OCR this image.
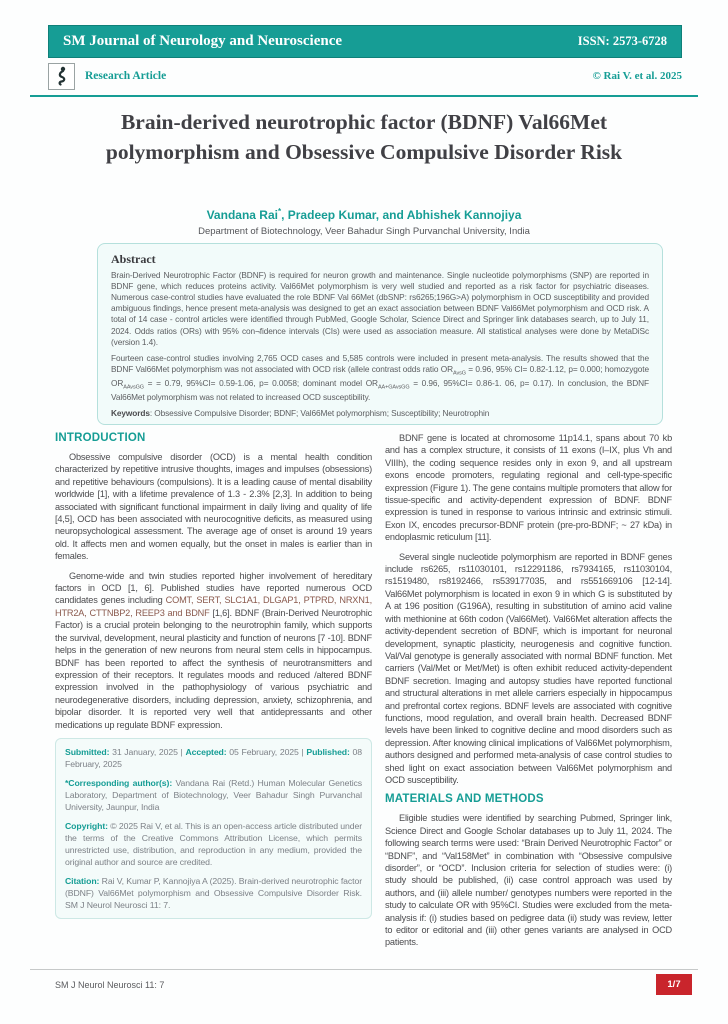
SM Journal of Neurology and Neuroscience	ISSN: 2573-6728
Research Article	© Rai V. et al. 2025
Brain-derived neurotrophic factor (BDNF) Val66Met polymorphism and Obsessive Compulsive Disorder Risk
Vandana Rai*, Pradeep Kumar, and Abhishek Kannojiya
Department of Biotechnology, Veer Bahadur Singh Purvanchal University, India
Abstract

Brain-Derived Neurotrophic Factor (BDNF) is required for neuron growth and maintenance. Single nucleotide polymorphisms (SNP) are reported in BDNF gene, which reduces proteins activity. Val66Met polymorphism is very well studied and reported as a risk factor for psychiatric diseases. Numerous case-control studies have evaluated the role BDNF Val 66Met (dbSNP: rs6265;196G>A) polymorphism in OCD susceptibility and provided ambiguous findings, hence present meta-analysis was designed to get an exact association between BDNF Val66Met polymorphism and OCD risk. A total of 14 case - control articles were identified through PubMed, Google Scholar, Science Direct and Springer link databases search, up to July 11, 2024. Odds ratios (ORs) with 95% con¬fidence intervals (CIs) were used as association measure. All statistical analyses were done by MetaDiSc (version 1.4).

Fourteen case-control studies involving 2,765 OCD cases and 5,585 controls were included in present meta-analysis. The results showed that the BDNF Val66Met polymorphism was not associated with OCD risk (allele contrast odds ratio $OR_{AvsG} = 0.96$, 95% CI= 0.82-1.12, p= 0.000; homozygote $OR_{AAvsGG}$ = = 0.79, 95%CI= 0.59-1.06, p= 0.0058; dominant model $OR_{AA+GAvsGG} = 0.96$, 95%CI= 0.86-1. 06, p= 0.17). In conclusion, the BDNF Val66Met polymorphism was not related to increased OCD susceptibility.

Keywords: Obsessive Compulsive Disorder; BDNF; Val66Met polymorphism; Susceptibility; Neurotrophin

INTRODUCTION

Obsessive compulsive disorder (OCD) is a mental health condition characterized by repetitive intrusive thoughts, images and impulses (obsessions) and repetitive behaviours (compulsions). It is a leading cause of mental disability worldwide [1], with a lifetime prevalence of 1.3 - 2.3% [2,3]. In addition to being associated with significant functional impairment in daily living and quality of life [4,5], OCD has been associated with neurocognitive deficits, as measured using neuropsychological assessment. The average age of onset is around 19 years old. It affects men and women equally, but the onset in males is earlier than in females.

Genome-wide and twin studies reported higher involvement of hereditary factors in OCD [1, 6]. Published studies have reported numerous OCD candidates genes including COMT, SERT, SLC1A1, DLGAP1, PTPRD, NRXN1, HTR2A, CTTNBP2, REEP3 and BDNF [1,6]. BDNF (Brain-Derived Neurotrophic Factor) is a crucial protein belonging to the neurotrophin family, which supports the survival, development, neural plasticity and function of neurons [7 -10]. BDNF helps in the generation of new neurons from neural stem cells in hippocampus. BDNF has been reported to affect the synthesis of neurotransmitters and expression of their receptors. It regulates moods and reduced /altered BDNF expression involved in the pathophysiology of various psychiatric and neurodegenerative disorders, including depression, anxiety, schizophrenia, and bipolar disorder. It is reported very well that antidepressants and other medications up regulate BDNF expression.

Submitted: 31 January, 2025 | Accepted: 05 February, 2025 | Published: 08 February, 2025

*Corresponding author(s): Vandana Rai (Retd.) Human Molecular Genetics Laboratory, Department of Biotechnology, Veer Bahadur Singh Purvanchal University, Jaunpur, India

Copyright: © 2025 Rai V, et al. This is an open-access article distributed under the terms of the Creative Commons Attribution License, which permits unrestricted use, distribution, and reproduction in any medium, provided the original author and source are credited.

Citation: Rai V, Kumar P, Kannojiya A (2025). Brain-derived neurotrophic factor (BDNF) Val66Met polymorphism and Obsessive Compulsive Disorder Risk. SM J Neurol Neurosci 11: 7.

BDNF gene is located at chromosome 11p14.1, spans about 70 kb and has a complex structure, it consists of 11 exons (I–IX, plus Vh and VIIIh), the coding sequence resides only in exon 9, and all upstream exons encode promoters, regulating regional and cell-type-specific expression (Figure 1). The gene contains multiple promoters that allow for tissue-specific and activity-dependent expression of BDNF. BDNF expression is tuned in response to various intrinsic and extrinsic stimuli. Exon IX, encodes precursor-BDNF protein (pre-pro-BDNF; ~ 27 kDa) in endoplasmic reticulum [11].

Several single nucleotide polymorphism are reported in BDNF genes include rs6265, rs11030101, rs12291186, rs7934165, rs11030104, rs1519480, rs8192466, rs539177035, and rs551669106 [12-14]. Val66Met polymorphism is located in exon 9 in which G is substituted by A at 196 position (G196A), resulting in substitution of amino acid valine with methionine at 66th codon (Val66Met). Val66Met alteration affects the activity-dependent secretion of BDNF, which is important for neuronal development, synaptic plasticity, neurogenesis and cognitive function. Val/Val genotype is generally associated with normal BDNF function. Met carriers (Val/Met or Met/Met) is often exhibit reduced activity-dependent BDNF secretion. Imaging and autopsy studies have reported functional and structural alterations in met allele carriers especially in hippocampus and prefrontal cortex regions. BDNF levels are associated with cognitive functions, mood regulation, and overall brain health. Decreased BDNF levels have been linked to cognitive decline and mood disorders such as depression. After knowing clinical implications of Val66Met polymorphism, authors designed and performed meta-analysis of case control studies to shed light on exact association between Val66Met polymorphism and OCD susceptibility.

MATERIALS AND METHODS

Eligible studies were identified by searching Pubmed, Springer link, Science Direct and Google Scholar databases up to July 11, 2024. The following search terms were used: “Brain Derived Neurotrophic Factor” or “BDNF”, and “Val158Met” in combination with “Obsessive compulsive disorder”, or “OCD”. Inclusion criteria for selection of studies were: (i) study should be published, (ii) case control approach was used by authors, and (iii) allele number/ genotypes numbers were reported in the study to calculate OR with 95%CI. Studies were excluded from the meta-analysis if: (i) studies based on pedigree data (ii) study was review, letter to editor or editorial and (iii) other genes variants are analysed in OCD patients.

SM J Neurol Neurosci 11: 7	1/7
